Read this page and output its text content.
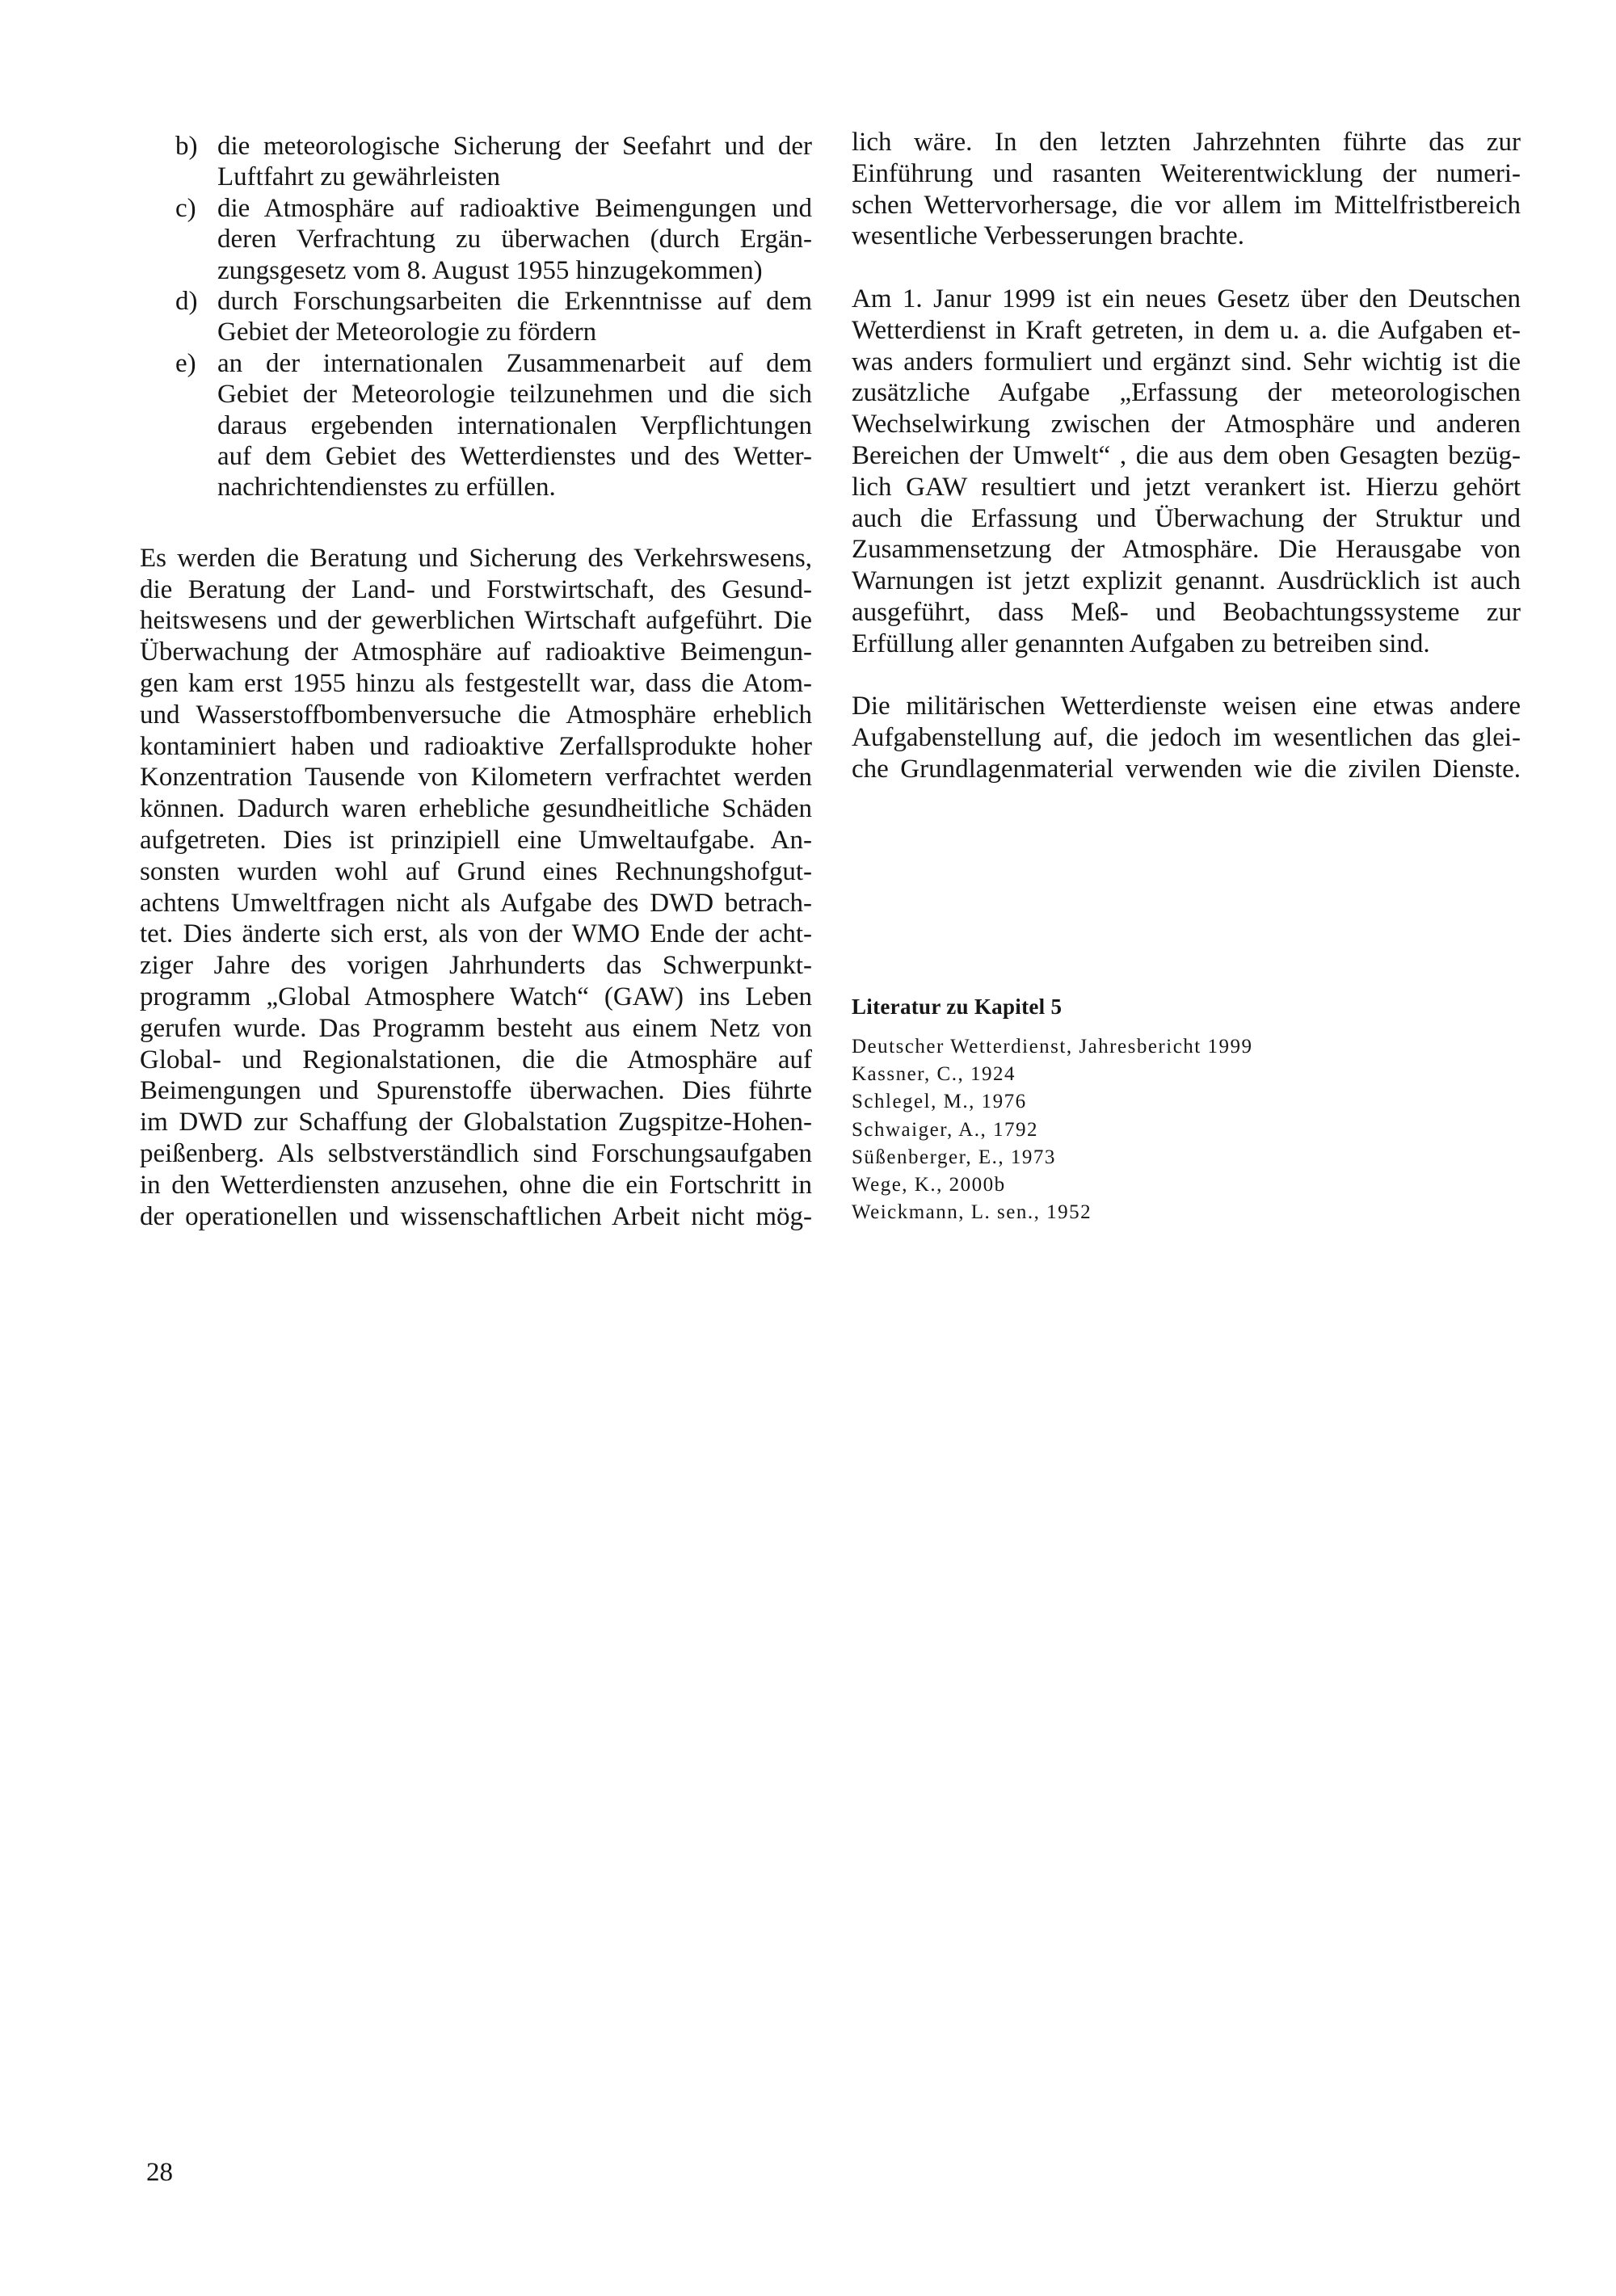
b) die meteorologische Sicherung der Seefahrt und der
Luftfahrt zu gewährleisten
c) die Atmosphäre auf radioaktive Beimengungen und
deren Verfrachtung zu überwachen (durch Ergän-
zungsgesetz vom 8. August 1955 hinzugekommen)
d) durch Forschungsarbeiten die Erkenntnisse auf dem
Gebiet der Meteorologie zu fördern
e) an der internationalen Zusammenarbeit auf dem
Gebiet der Meteorologie teilzunehmen und die sich
daraus ergebenden internationalen Verpflichtungen
auf dem Gebiet des Wetterdienstes und des Wetter-
nachrichtendienstes zu erfüllen.
Es werden die Beratung und Sicherung des Verkehrswesens,
die Beratung der Land- und Forstwirtschaft, des Gesund-
heitswesens und der gewerblichen Wirtschaft aufgeführt. Die
Überwachung der Atmosphäre auf radioaktive Beimengun-
gen kam erst 1955 hinzu als festgestellt war, dass die Atom-
und Wasserstoffbombenversuche die Atmosphäre erheblich
kontaminiert haben und radioaktive Zerfallsprodukte hoher
Konzentration Tausende von Kilometern verfrachtet werden
können. Dadurch waren erhebliche gesundheitliche Schäden
aufgetreten. Dies ist prinzipiell eine Umweltaufgabe. An-
sonsten wurden wohl auf Grund eines Rechnungshofgut-
achtens Umweltfragen nicht als Aufgabe des DWD betrach-
tet. Dies änderte sich erst, als von der WMO Ende der acht-
ziger Jahre des vorigen Jahrhunderts das Schwerpunkt-
programm „Global Atmosphere Watch“ (GAW) ins Leben
gerufen wurde. Das Programm besteht aus einem Netz von
Global- und Regionalstationen, die die Atmosphäre auf
Beimengungen und Spurenstoffe überwachen. Dies führte
im DWD zur Schaffung der Globalstation Zugspitze-Hohen-
peißenberg. Als selbstverständlich sind Forschungsaufgaben
in den Wetterdiensten anzusehen, ohne die ein Fortschritt in
der operationellen und wissenschaftlichen Arbeit nicht mög-
lich wäre. In den letzten Jahrzehnten führte das zur
Einführung und rasanten Weiterentwicklung der numeri-
schen Wettervorhersage, die vor allem im Mittelfristbereich
wesentliche Verbesserungen brachte.
Am 1. Janur 1999 ist ein neues Gesetz über den Deutschen
Wetterdienst in Kraft getreten, in dem u. a. die Aufgaben et-
was anders formuliert und ergänzt sind. Sehr wichtig ist die
zusätzliche Aufgabe „Erfassung der meteorologischen
Wechselwirkung zwischen der Atmosphäre und anderen
Bereichen der Umwelt“ , die aus dem oben Gesagten bezüg-
lich GAW resultiert und jetzt verankert ist. Hierzu gehört
auch die Erfassung und Überwachung der Struktur und
Zusammensetzung der Atmosphäre. Die Herausgabe von
Warnungen ist jetzt explizit genannt. Ausdrücklich ist auch
ausgeführt, dass Meß- und Beobachtungssysteme zur
Erfüllung aller genannten Aufgaben zu betreiben sind.
Die militärischen Wetterdienste weisen eine etwas andere
Aufgabenstellung auf, die jedoch im wesentlichen das glei-
che Grundlagenmaterial verwenden wie die zivilen Dienste.
Literatur zu Kapitel 5
Deutscher Wetterdienst, Jahresbericht 1999
Kassner, C., 1924
Schlegel, M., 1976
Schwaiger, A., 1792
Süßenberger, E., 1973
Wege, K., 2000b
Weickmann, L. sen., 1952
28
